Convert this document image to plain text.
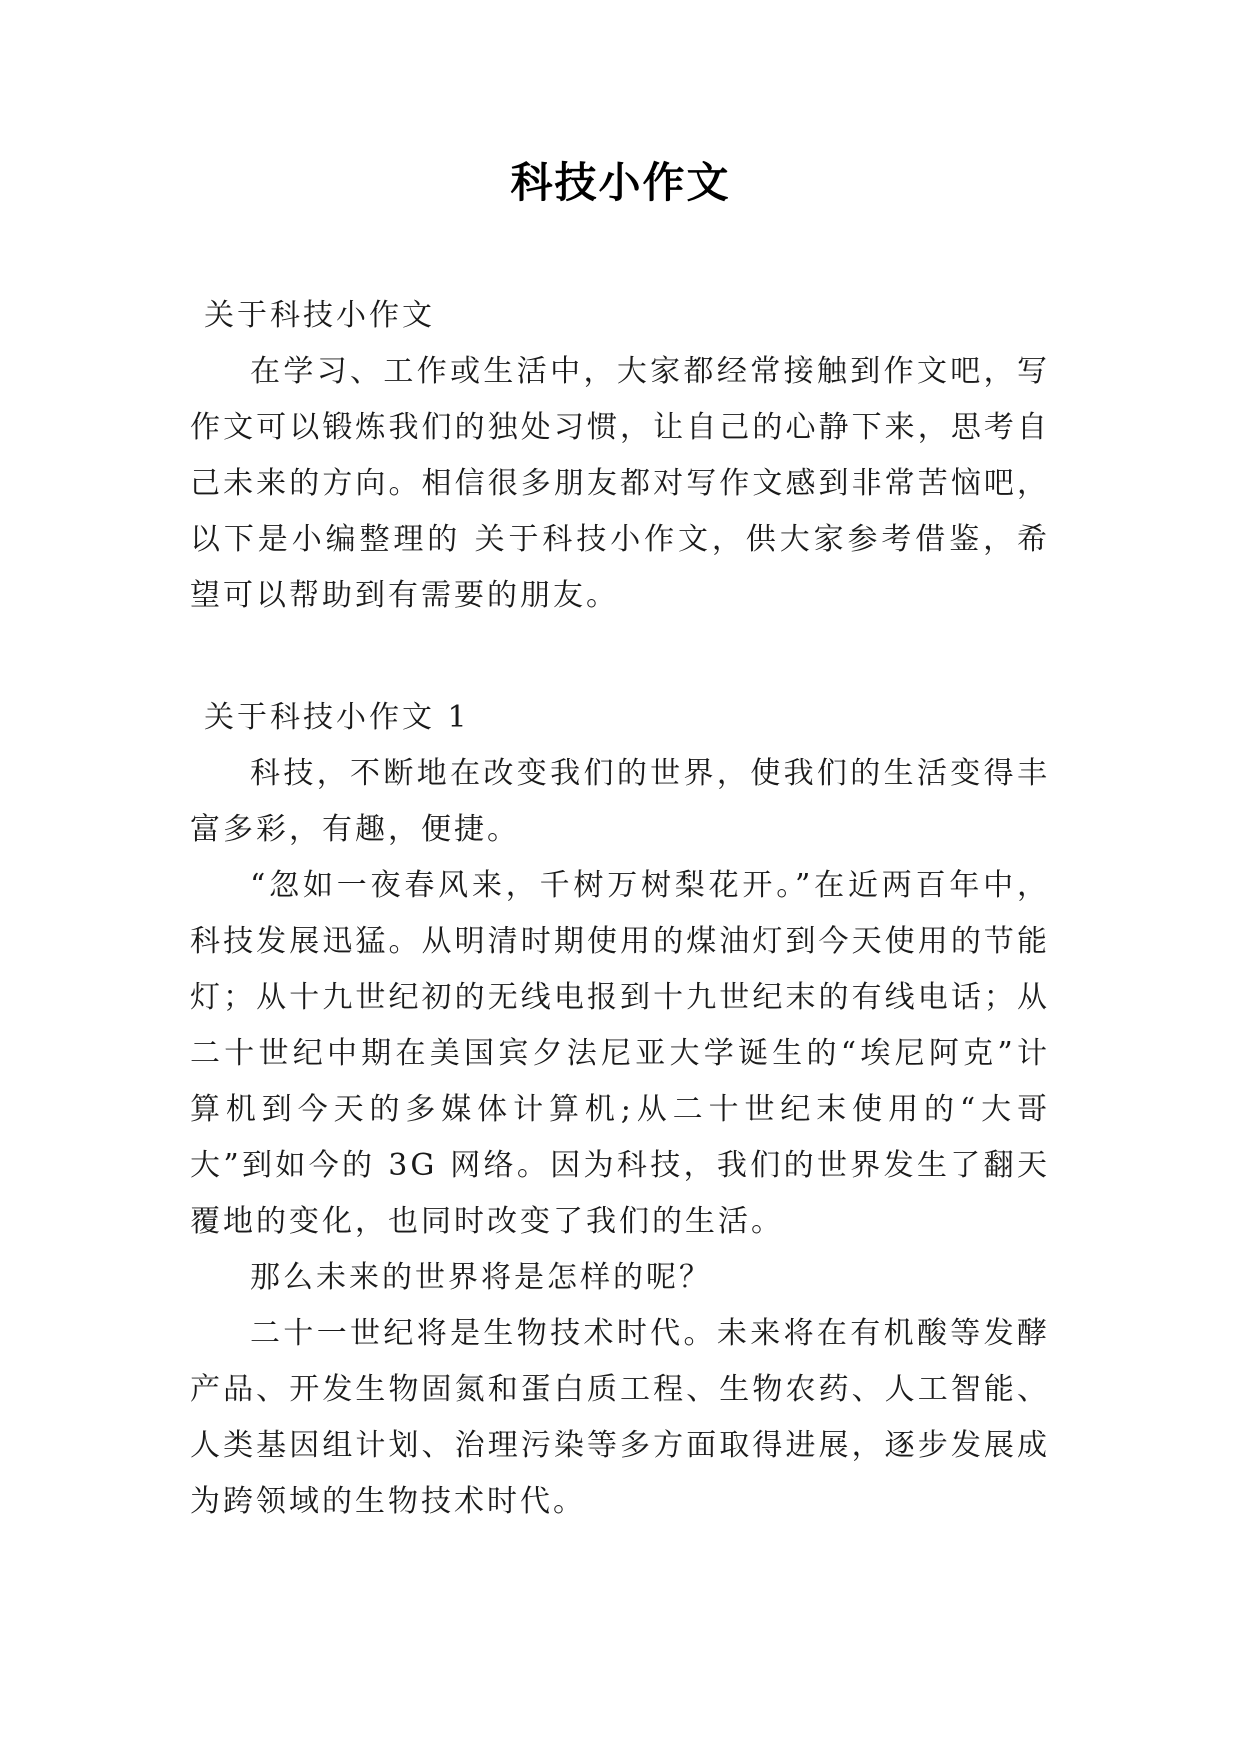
科技小作文

关于科技小作文

在学习、工作或生活中，大家都经常接触到作文吧，写作文可以锻炼我们的独处习惯，让自己的心静下来，思考自己未来的方向。相信很多朋友都对写作文感到非常苦恼吧，以下是小编整理的 关于科技小作文，供大家参考借鉴，希望可以帮助到有需要的朋友。

关于科技小作文 1

科技，不断地在改变我们的世界，使我们的生活变得丰富多彩，有趣，便捷。

“忽如一夜春风来，千树万树梨花开。”在近两百年中，科技发展迅猛。从明清时期使用的煤油灯到今天使用的节能灯；从十九世纪初的无线电报到十九世纪末的有线电话；从二十世纪中期在美国宾夕法尼亚大学诞生的“埃尼阿克”计算机到今天的多媒体计算机;从二十世纪末使用的“大哥大”到如今的 3G 网络。因为科技，我们的世界发生了翻天覆地的变化，也同时改变了我们的生活。

那么未来的世界将是怎样的呢？

二十一世纪将是生物技术时代。未来将在有机酸等发酵产品、开发生物固氮和蛋白质工程、生物农药、人工智能、人类基因组计划、治理污染等多方面取得进展，逐步发展成为跨领域的生物技术时代。
